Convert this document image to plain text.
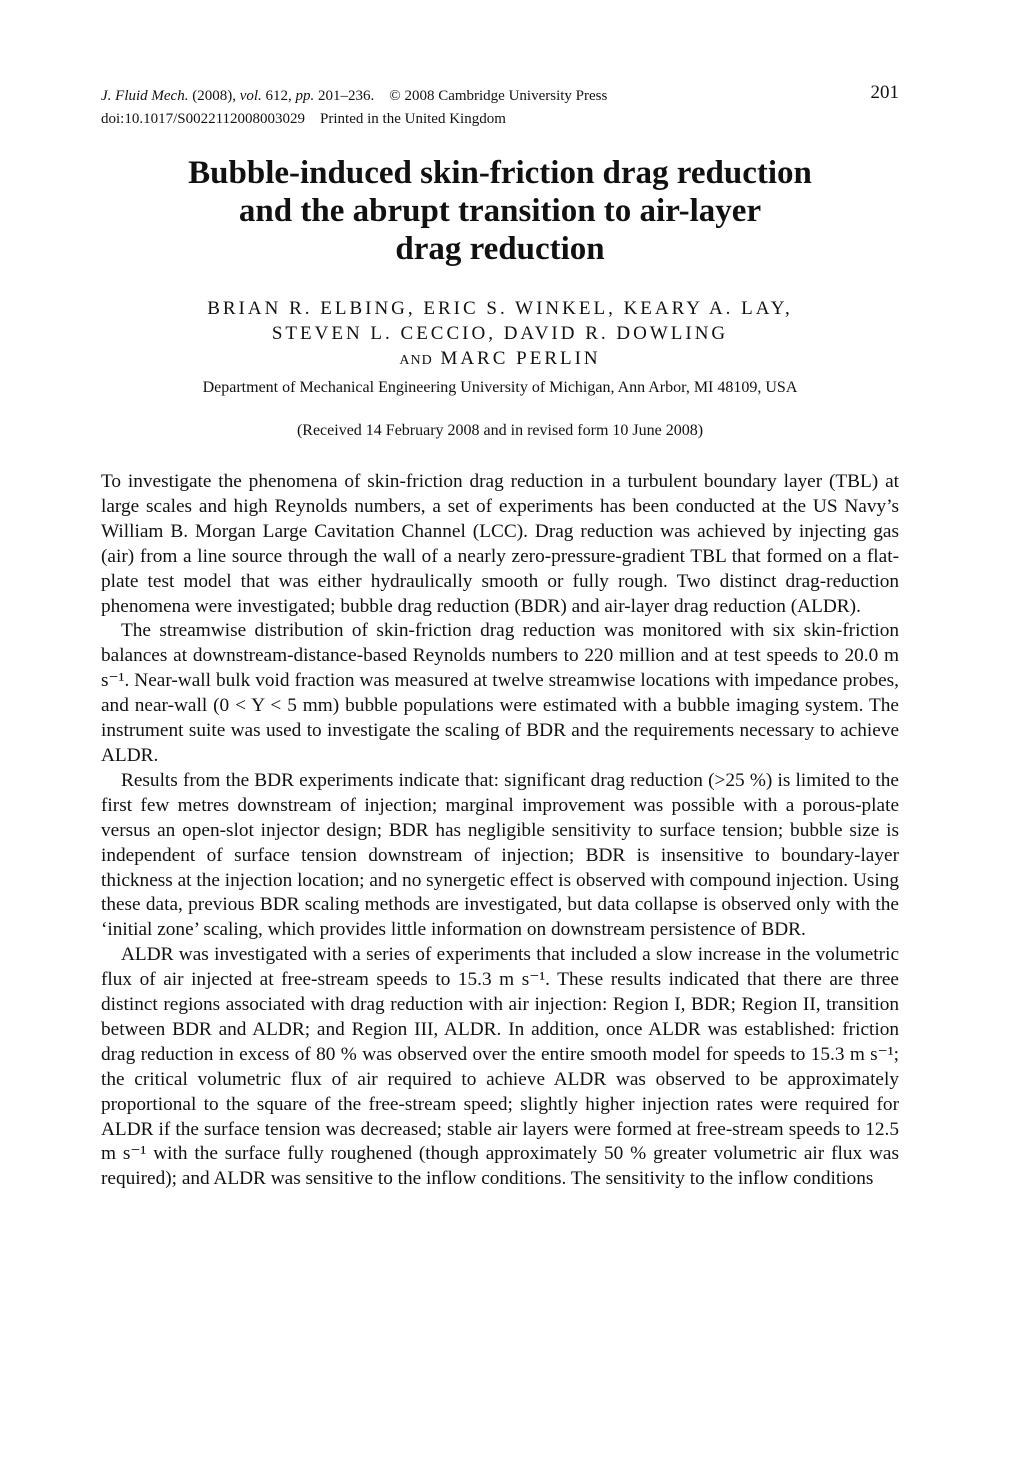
J. Fluid Mech. (2008), vol. 612, pp. 201–236. © 2008 Cambridge University Press
doi:10.1017/S0022112008003029 Printed in the United Kingdom
201
Bubble-induced skin-friction drag reduction
and the abrupt transition to air-layer
drag reduction
BRIAN R. ELBING, ERIC S. WINKEL, KEARY A. LAY,
STEVEN L. CECCIO, DAVID R. DOWLING
AND MARC PERLIN
Department of Mechanical Engineering University of Michigan, Ann Arbor, MI 48109, USA
(Received 14 February 2008 and in revised form 10 June 2008)

To investigate the phenomena of skin-friction drag reduction in a turbulent boundary layer (TBL) at large scales and high Reynolds numbers, a set of experiments has been conducted at the US Navy’s William B. Morgan Large Cavitation Channel (LCC). Drag reduction was achieved by injecting gas (air) from a line source through the wall of a nearly zero-pressure-gradient TBL that formed on a flat-plate test model that was either hydraulically smooth or fully rough. Two distinct drag-reduction phenomena were investigated; bubble drag reduction (BDR) and air-layer drag reduction (ALDR).

The streamwise distribution of skin-friction drag reduction was monitored with six skin-friction balances at downstream-distance-based Reynolds numbers to 220 million and at test speeds to 20.0 m s⁻¹. Near-wall bulk void fraction was measured at twelve streamwise locations with impedance probes, and near-wall (0 < Y < 5 mm) bubble populations were estimated with a bubble imaging system. The instrument suite was used to investigate the scaling of BDR and the requirements necessary to achieve ALDR.

Results from the BDR experiments indicate that: significant drag reduction (>25 %) is limited to the first few metres downstream of injection; marginal improvement was possible with a porous-plate versus an open-slot injector design; BDR has negligible sensitivity to surface tension; bubble size is independent of surface tension downstream of injection; BDR is insensitive to boundary-layer thickness at the injection location; and no synergetic effect is observed with compound injection. Using these data, previous BDR scaling methods are investigated, but data collapse is observed only with the ‘initial zone’ scaling, which provides little information on downstream persistence of BDR.

ALDR was investigated with a series of experiments that included a slow increase in the volumetric flux of air injected at free-stream speeds to 15.3 m s⁻¹. These results indicated that there are three distinct regions associated with drag reduction with air injection: Region I, BDR; Region II, transition between BDR and ALDR; and Region III, ALDR. In addition, once ALDR was established: friction drag reduction in excess of 80 % was observed over the entire smooth model for speeds to 15.3 m s⁻¹; the critical volumetric flux of air required to achieve ALDR was observed to be approximately proportional to the square of the free-stream speed; slightly higher injection rates were required for ALDR if the surface tension was decreased; stable air layers were formed at free-stream speeds to 12.5 m s⁻¹ with the surface fully roughened (though approximately 50 % greater volumetric air flux was required); and ALDR was sensitive to the inflow conditions. The sensitivity to the inflow conditions
